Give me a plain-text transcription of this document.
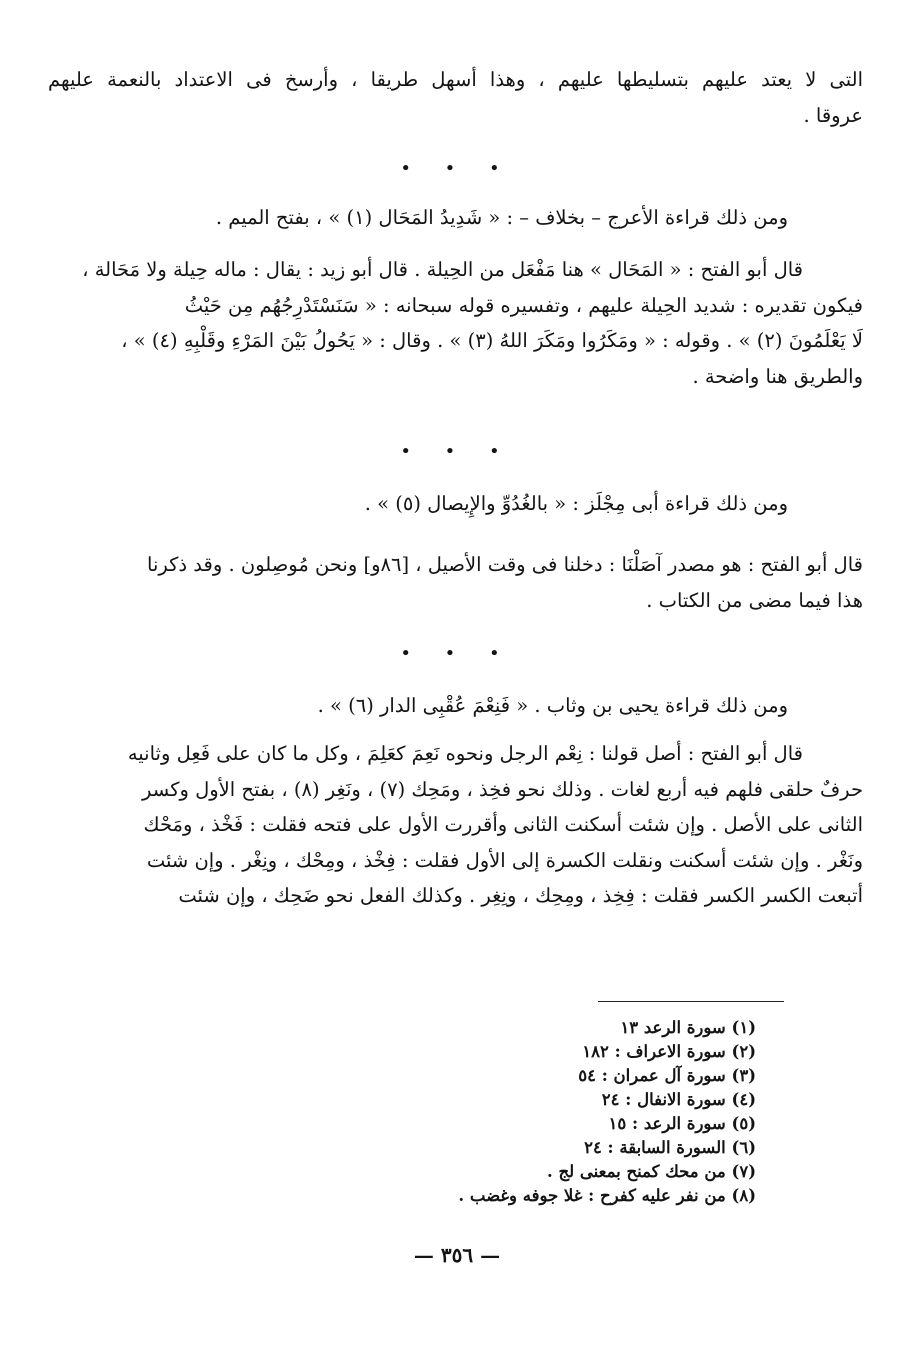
التى لا يعتد عليهم بتسليطها عليهم ، وهذا أسهل طريقا ، وأرسخ فى الاعتداد بالنعمة عليهم
عروقا .
• • •
ومن ذلك قراءة الأعرج – بخلاف – : « شَدِيدُ المَحَال (١) » ، بفتح الميم .
قال أبو الفتح : « المَحَال » هنا مَفْعَل من الحِيلة . قال أبو زيد : يقال : ماله حِيلة ولا مَحَالة ،
فيكون تقديره : شديد الحِيلة عليهم ، وتفسيره قوله سبحانه : « سَنَسْتَدْرِجُهُم مِن حَيْثُ
لَا يَعْلَمُونَ (٢) » . وقوله : « ومَكَرُوا ومَكَرَ اللهُ (٣) » . وقال : « يَحُولُ بَيْنَ المَرْءِ وقَلْبِهِ (٤) » ،
والطريق هنا واضحة .
• • •
ومن ذلك قراءة أبى مِجْلَز : « بالغُدُوِّ والإِيصال (٥) » .
قال أبو الفتح : هو مصدر آصَلْنَا : دخلنا فى وقت الأصيل ، [٨٦و] ونحن مُوصِلون . وقد ذكرنا
هذا فيما مضى من الكتاب .
• • •
ومن ذلك قراءة يحيى بن وثاب . « فَنِعْمَ عُقْبِى الدار (٦) » .
قال أبو الفتح : أصل قولنا : نِعْم الرجل ونحوه نَعِمَ كعَلِمَ ، وكل ما كان على فَعِل وثانيه
حرفٌ حلقى فلهم فيه أربع لغات . وذلك نحو فخِذ ، ومَحِك (٧) ، ونَغِر (٨) ، بفتح الأول وكسر
الثانى على الأصل . وإن شئت أسكنت الثانى وأقررت الأول على فتحه فقلت : فَخْذ ، ومَحْك
ونَغْر . وإن شئت أسكنت ونقلت الكسرة إلى الأول فقلت : فِخْذ ، ومِحْك ، ونِغْر . وإن شئت
أتبعت الكسر الكسر فقلت : فِخِذ ، ومِحِك ، ونِغِر . وكذلك الفعل نحو ضَحِك ، وإن شئت
(١) سورة الرعد ١٣
(٢) سورة الاعراف : ١٨٢
(٣) سورة آل عمران : ٥٤
(٤) سورة الانفال : ٢٤
(٥) سورة الرعد : ١٥
(٦) السورة السابقة : ٢٤
(٧) من محك كمنح بمعنى لج .
(٨) من نفر عليه كفرح : غلا جوفه وغضب .
— ٣٥٦ —
